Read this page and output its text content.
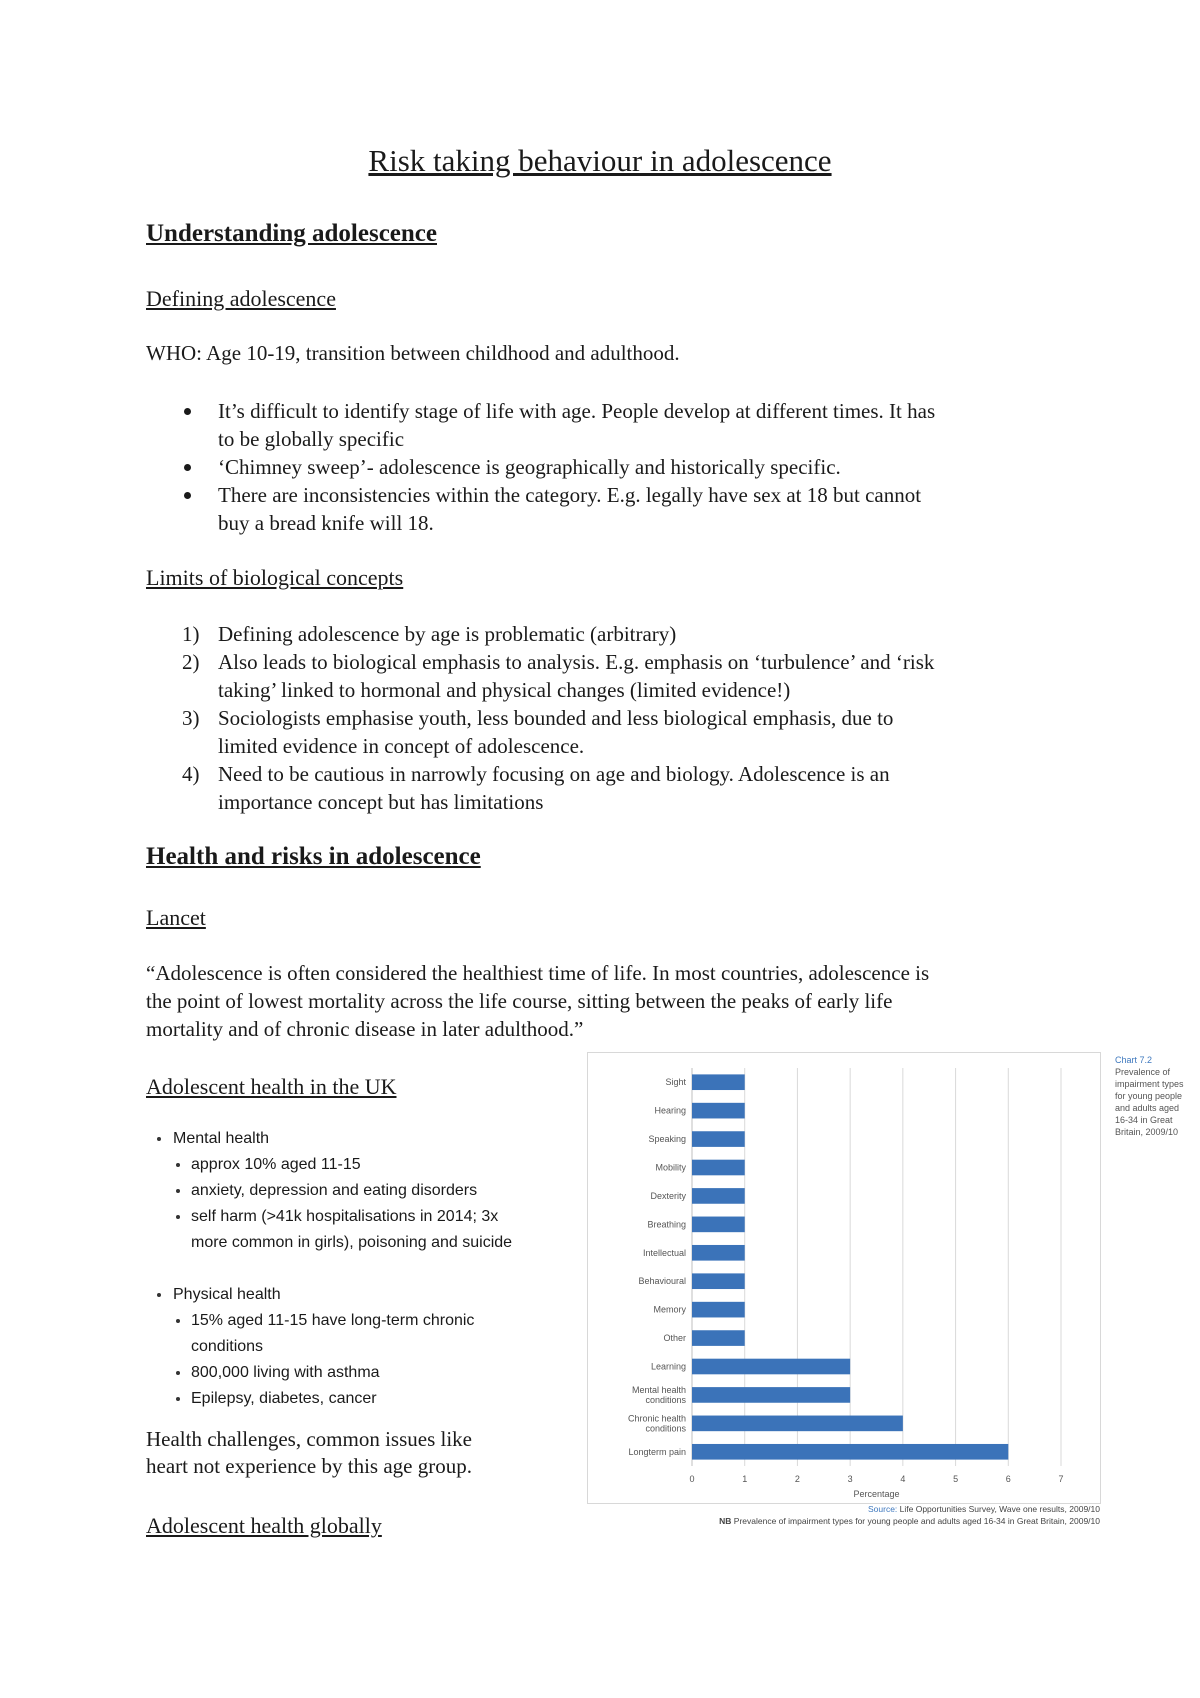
Risk taking behaviour in adolescence
Understanding adolescence
Defining adolescence
WHO: Age 10-19, transition between childhood and adulthood.
It’s difficult to identify stage of life with age. People develop at different times. It has
to be globally specific
‘Chimney sweep’- adolescence is geographically and historically specific.
There are inconsistencies within the category. E.g. legally have sex at 18 but cannot
buy a bread knife will 18.
Limits of biological concepts
1) Defining adolescence by age is problematic (arbitrary)
2) Also leads to biological emphasis to analysis. E.g. emphasis on ‘turbulence’ and ‘risk
taking’ linked to hormonal and physical changes (limited evidence!)
3) Sociologists emphasise youth, less bounded and less biological emphasis, due to
limited evidence in concept of adolescence.
4) Need to be cautious in narrowly focusing on age and biology. Adolescence is an
importance concept but has limitations
Health and risks in adolescence
Lancet
“Adolescence is often considered the healthiest time of life. In most countries, adolescence is
the point of lowest mortality across the life course, sitting between the peaks of early life
mortality and of chronic disease in later adulthood.”
Adolescent health in the UK
Mental health
approx 10% aged 11-15
anxiety, depression and eating disorders
self harm (>41k hospitalisations in 2014; 3x
more common in girls), poisoning and suicide
Physical health
15% aged 11-15 have long-term chronic
conditions
800,000 living with asthma
Epilepsy, diabetes, cancer
Health challenges, common issues like
heart not experience by this age group.
Adolescent health globally
Sight
Hearing
Speaking
Mobility
Dexterity
Breathing
Intellectual
Behavioural
Memory
Other
Learning
Mental health conditions
Chronic health conditions
Longterm pain
0	1	2	3	4	5	6	7
Percentage
Chart 7.2
Prevalence of
impairment types
for young people
and adults aged
16-34 in Great
Britain, 2009/10
Source: Life Opportunities Survey, Wave one results, 2009/10
NB Prevalence of impairment types for young people and adults aged 16-34 in Great Britain, 2009/10
